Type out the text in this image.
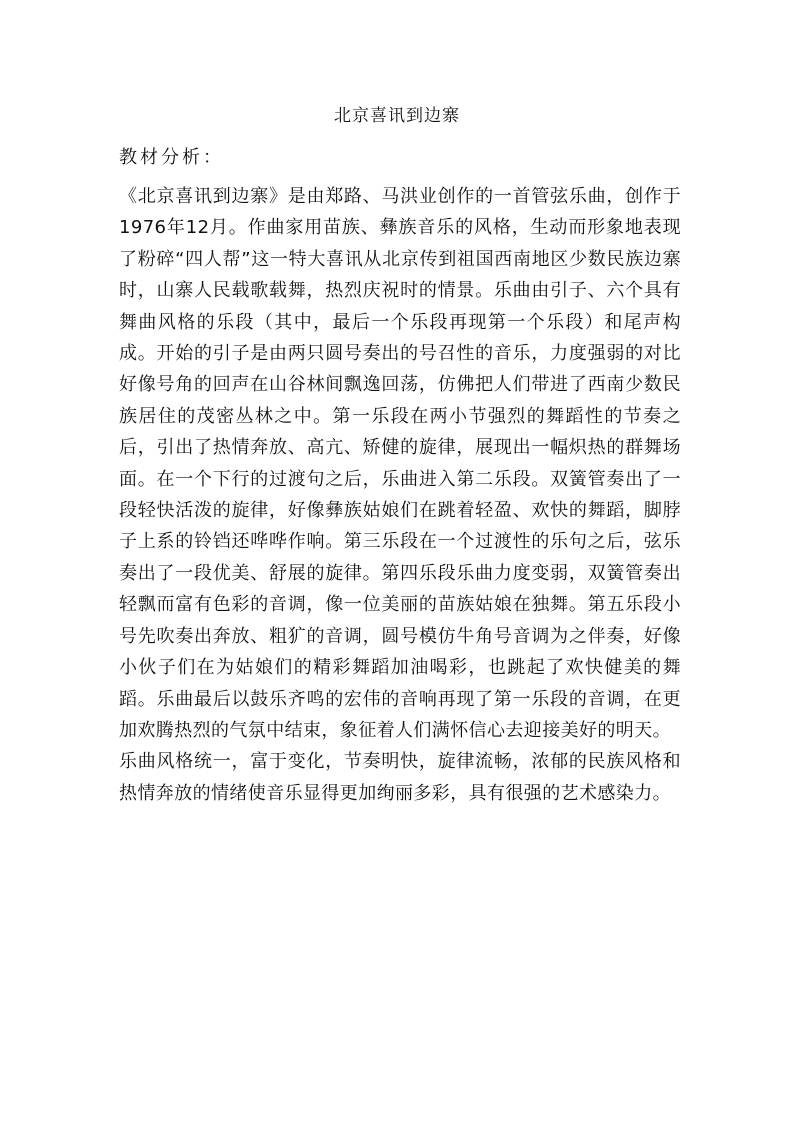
北京喜讯到边寨
教材分析：

《北京喜讯到边寨》是由郑路、马洪业创作的一首管弦乐曲，创作于1976年12月。作曲家用苗族、彝族音乐的风格，生动而形象地表现了粉碎“四人帮”这一特大喜讯从北京传到祖国西南地区少数民族边寨时，山寨人民载歌载舞，热烈庆祝时的情景。乐曲由引子、六个具有舞曲风格的乐段（其中，最后一个乐段再现第一个乐段）和尾声构成。开始的引子是由两只圆号奏出的号召性的音乐，力度强弱的对比好像号角的回声在山谷林间飘逸回荡，仿佛把人们带进了西南少数民族居住的茂密丛林之中。第一乐段在两小节强烈的舞蹈性的节奏之后，引出了热情奔放、高亢、矫健的旋律，展现出一幅炽热的群舞场面。在一个下行的过渡句之后，乐曲进入第二乐段。双簧管奏出了一段轻快活泼的旋律，好像彝族姑娘们在跳着轻盈、欢快的舞蹈，脚脖子上系的铃铛还哗哗作响。第三乐段在一个过渡性的乐句之后，弦乐奏出了一段优美、舒展的旋律。第四乐段乐曲力度变弱，双簧管奏出轻飘而富有色彩的音调，像一位美丽的苗族姑娘在独舞。第五乐段小号先吹奏出奔放、粗犷的音调，圆号模仿牛角号音调为之伴奏，好像小伙子们在为姑娘们的精彩舞蹈加油喝彩，也跳起了欢快健美的舞蹈。乐曲最后以鼓乐齐鸣的宏伟的音响再现了第一乐段的音调，在更加欢腾热烈的气氛中结束，象征着人们满怀信心去迎接美好的明天。

乐曲风格统一，富于变化，节奏明快，旋律流畅，浓郁的民族风格和热情奔放的情绪使音乐显得更加绚丽多彩，具有很强的艺术感染力。
